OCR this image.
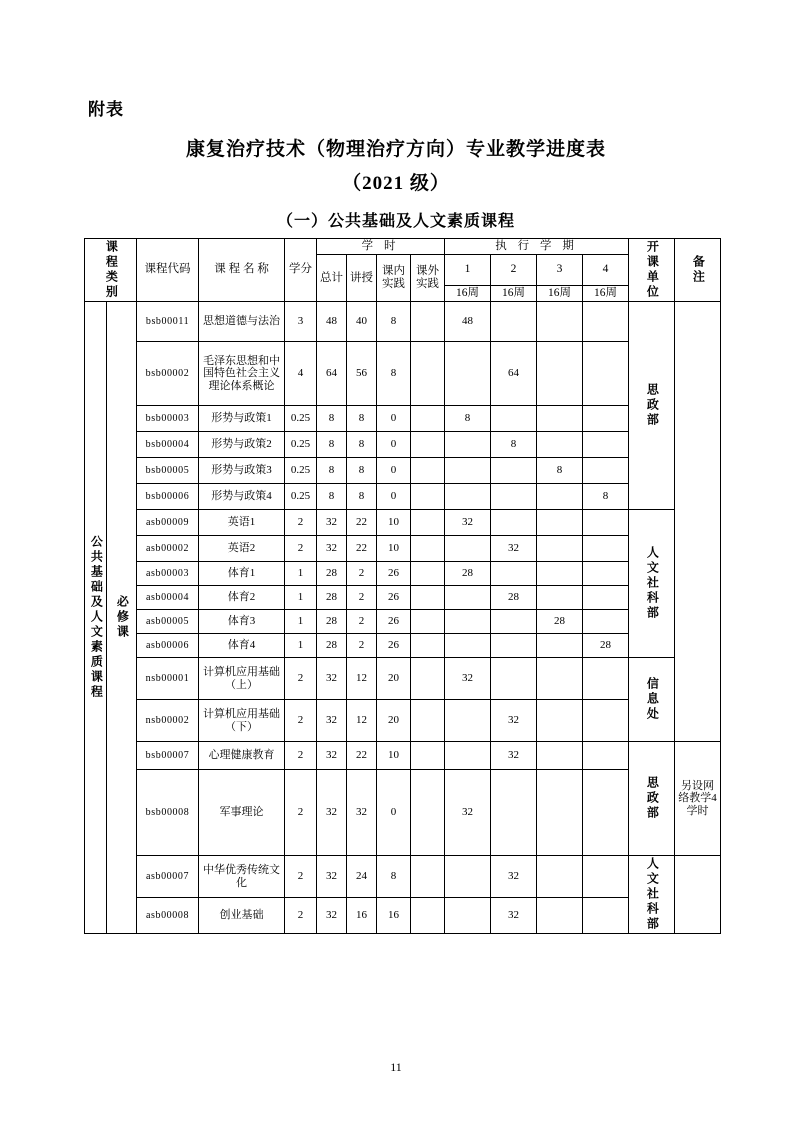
附表
康复治疗技术（物理治疗方向）专业教学进度表
（2021 级）
（一）公共基础及人文素质课程
课程类别		课程代码	课 程 名 称	学分	学 时				执 行 学 期				开课单位	备注

					总计	讲授	课内实践	课外实践	1	2	3	4		
									16周	16周	16周	16周		

公共基础及人文素质课程	必修课	bsb00011	思想道德与法治	3	48	40	8		48				思政部	

		bsb00002	毛泽东思想和中国特色社会主义理论体系概论	4	64	56	8			64				
		bsb00003	形势与政策1	0.25	8	8	0		8					
		bsb00004	形势与政策2	0.25	8	8	0			8				
		bsb00005	形势与政策3	0.25	8	8	0				8			
		bsb00006	形势与政策4	0.25	8	8	0					8		
		asb00009	英语1	2	32	22	10		32				人文社科部	

		asb00002	英语2	2	32	22	10			32				
		asb00003	体育1	1	28	2	26		28					
		asb00004	体育2	1	28	2	26			28				
		asb00005	体育3	1	28	2	26				28			
		asb00006	体育4	1	28	2	26					28		
		nsb00001	计算机应用基础（上）	2	32	12	20		32				信息处	

		nsb00002	计算机应用基础（下）	2	32	12	20			32				
		bsb00007	心理健康教育	2	32	22	10			32			思政部	另设网络教学4学时
		bsb00008	军事理论	2	32	32	0		32					
		asb00007	中华优秀传统文化	2	32	24	8			32			人文社科部	

		asb00008	创业基础	2	32	16	16			32				
11
